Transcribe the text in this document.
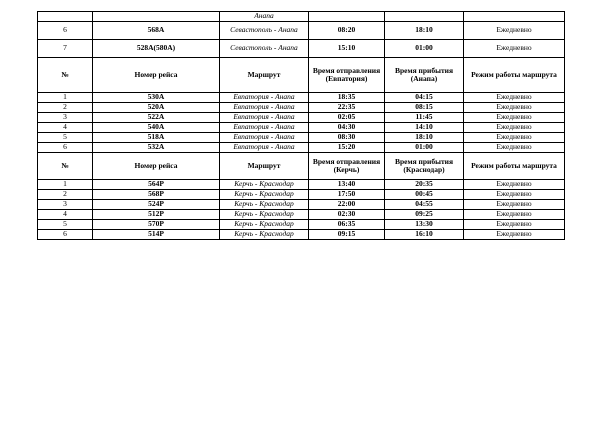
		Анапа			
6	568А	Севастополь - Анапа	08:20	18:10	Ежедневно
7	528А(580А)	Севастополь - Анапа	15:10	01:00	Ежедневно
№	Номер рейса	Маршрут	Время отправления (Евпатория)	Время прибытия (Анапа)	Режим работы маршрута
1	530А	Евпатория - Анапа	18:35	04:15	Ежедневно
2	520А	Евпатория - Анапа	22:35	08:15	Ежедневно
3	522А	Евпатория - Анапа	02:05	11:45	Ежедневно
4	540А	Евпатория - Анапа	04:30	14:10	Ежедневно
5	518А	Евпатория - Анапа	08:30	18:10	Ежедневно
6	532А	Евпатория - Анапа	15:20	01:00	Ежедневно
№	Номер рейса	Маршрут	Время отправления (Керчь)	Время прибытия (Краснодар)	Режим работы маршрута
1	564Р	Керчь - Краснодар	13:40	20:35	Ежедневно
2	568Р	Керчь - Краснодар	17:50	00:45	Ежедневно
3	524Р	Керчь - Краснодар	22:00	04:55	Ежедневно
4	512Р	Керчь - Краснодар	02:30	09:25	Ежедневно
5	570Р	Керчь - Краснодар	06:35	13:30	Ежедневно
6	514Р	Керчь - Краснодар	09:15	16:10	Ежедневно
